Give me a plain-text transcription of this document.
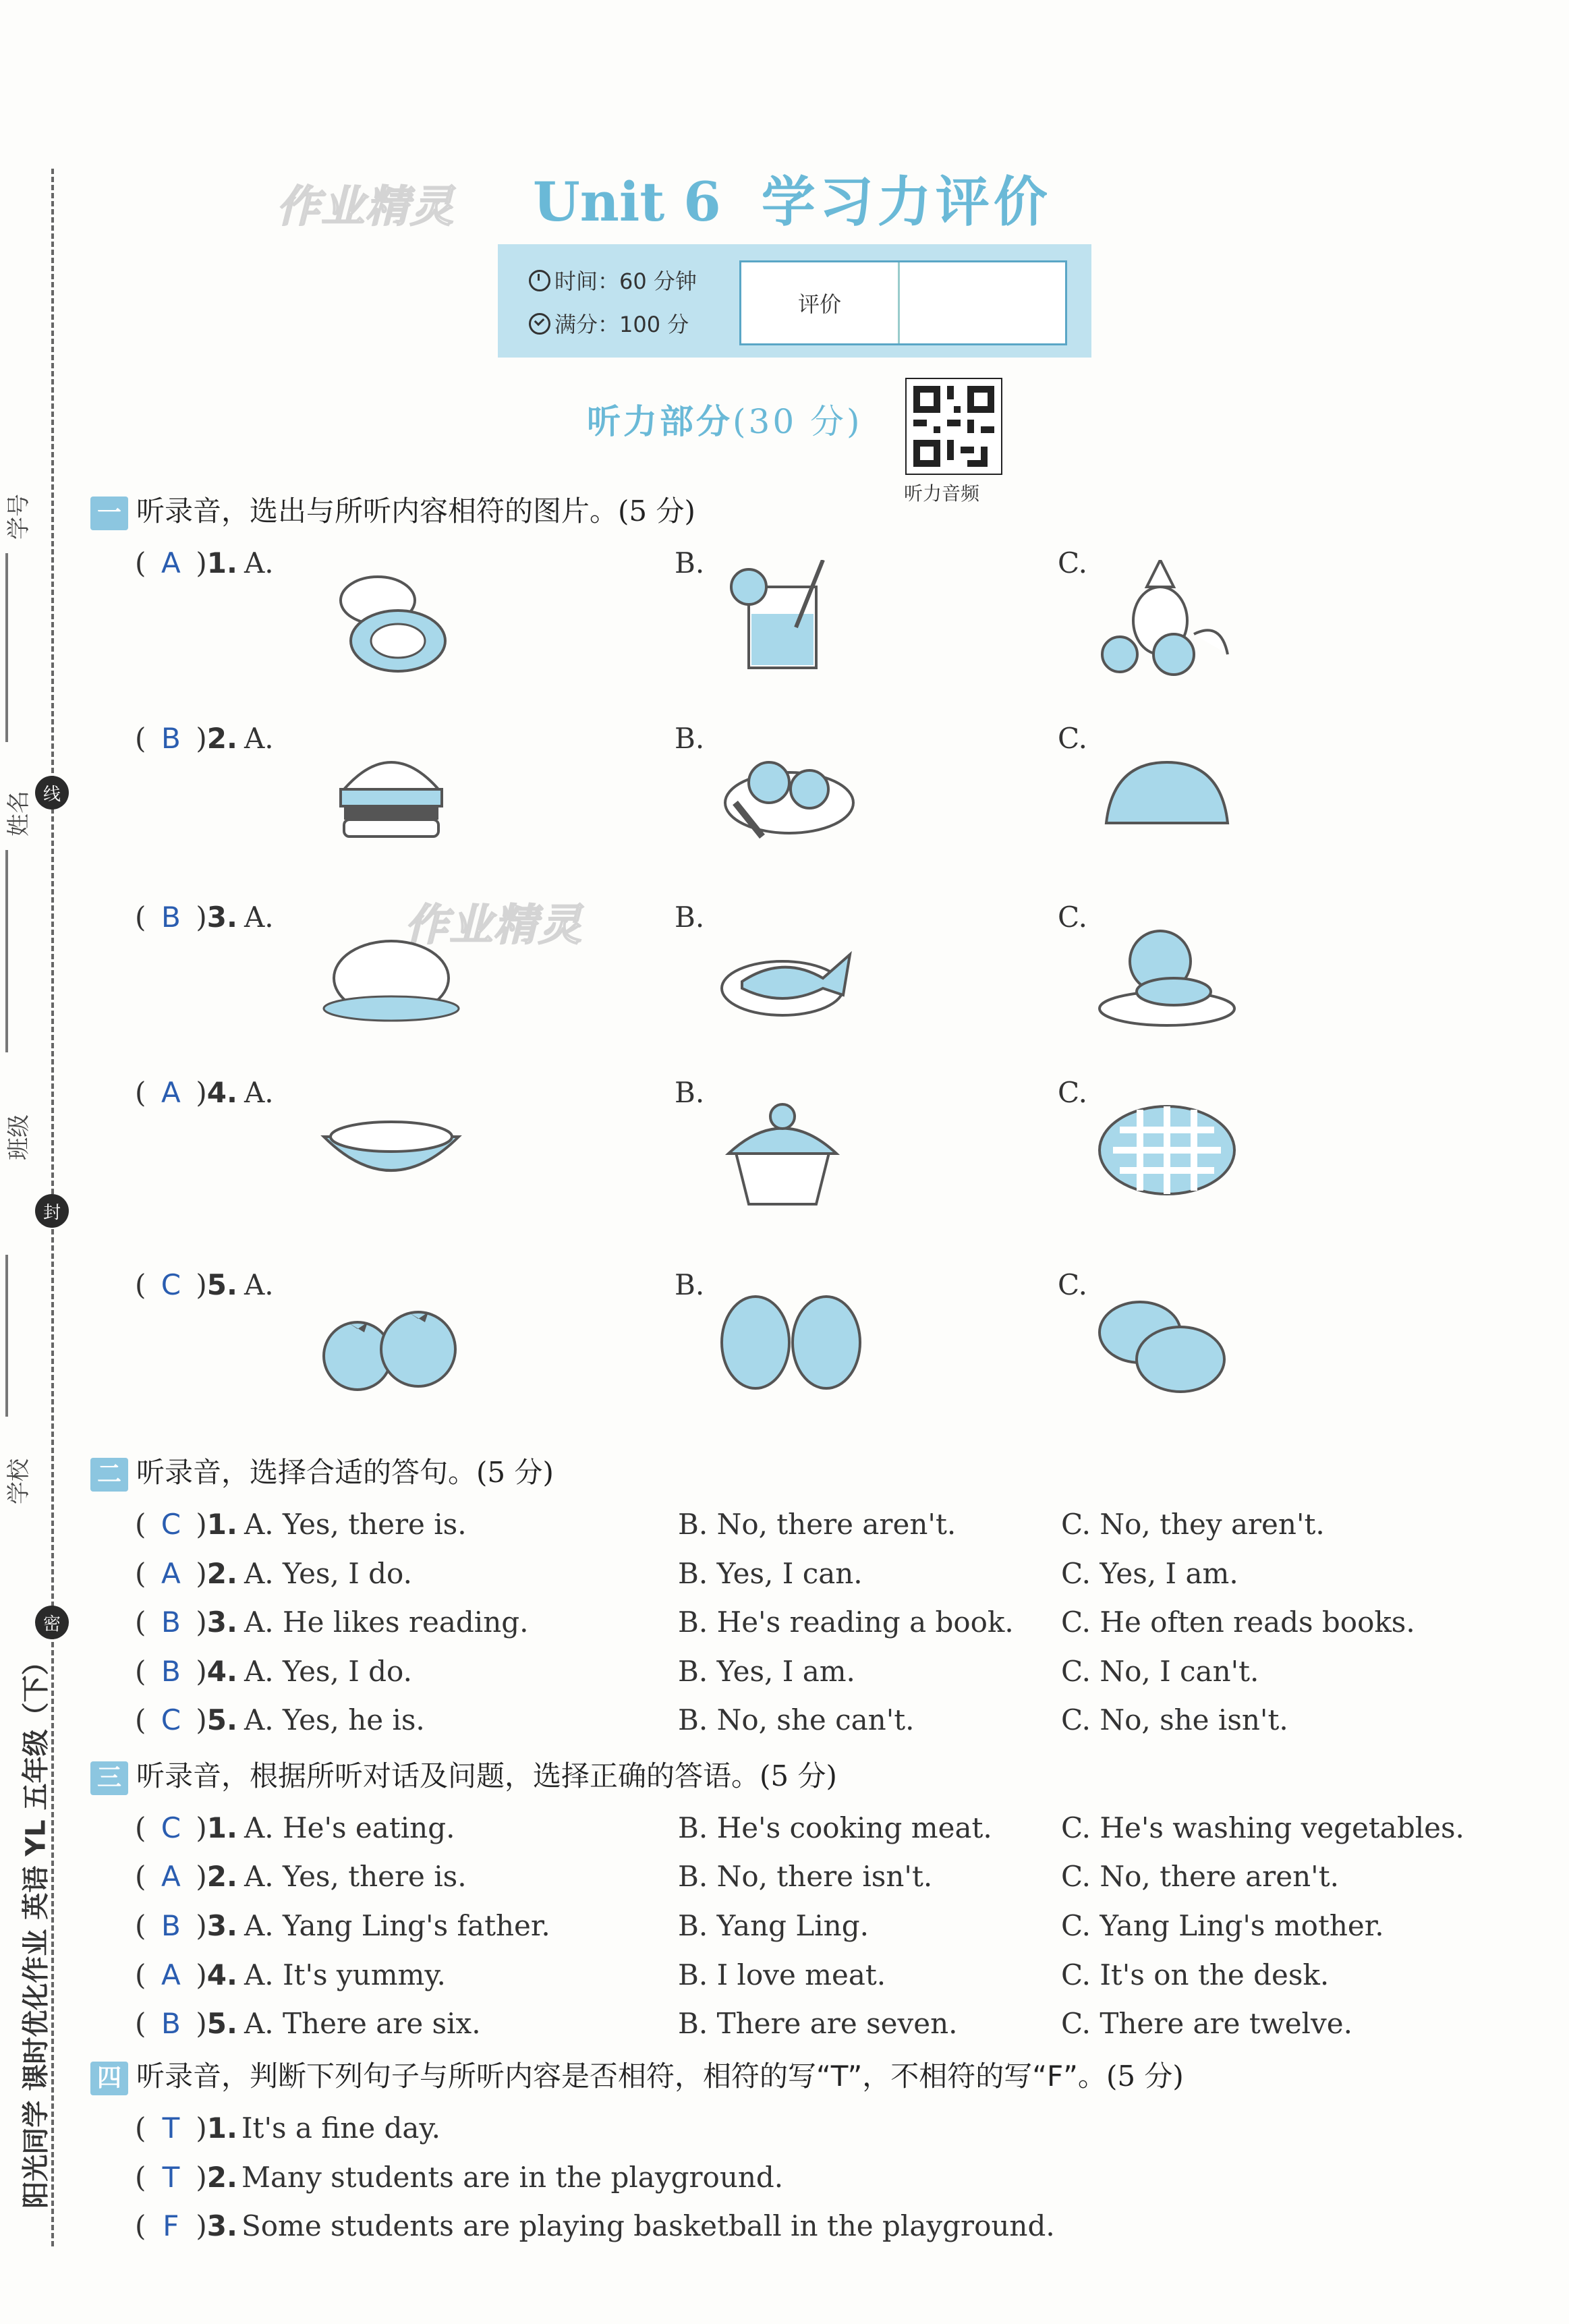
学号
姓名 线
班级
封
学校
密
阳光同学 课时优化作业 英语 YL 五年级（下）
作业精灵
作业精灵
Unit 6 学习力评价
时间：60 分钟
满分：100 分
评价
听力部分(30 分)
听力音频
一 听录音，选出与所听内容相符的图片。(5 分)
( A )1. A.	B.	C.
( B )2. A.	B.	C.
( B )3. A.	B.	C.
( A )4. A.	B.	C.
( C )5. A.	B.	C.
二 听录音，选择合适的答句。(5 分)
( C )1. A. Yes, there is.	B. No, there aren't.	C. No, they aren't.
( A )2. A. Yes, I do.	B. Yes, I can.	C. Yes, I am.
( B )3. A. He likes reading.	B. He's reading a book. C. He often reads books.
( B )4. A. Yes, I do.	B. Yes, I am.	C. No, I can't.
( C )5. A. Yes, he is.	B. No, she can't.	C. No, she isn't.
三 听录音，根据所听对话及问题，选择正确的答语。(5 分)
( C )1. A. He's eating.	B. He's cooking meat. C. He's washing vegetables.
( A )2. A. Yes, there is.	B. No, there isn't.	C. No, there aren't.
( B )3. A. Yang Ling's father.	B. Yang Ling.	C. Yang Ling's mother.
( A )4. A. It's yummy.	B. I love meat.	C. It's on the desk.
( B )5. A. There are six.	B. There are seven.	C. There are twelve.
四 听录音，判断下列句子与所听内容是否相符，相符的写“T”，不相符的写“F”。(5 分)
( T )1. It's a fine day.
( T )2. Many students are in the playground.
( F )3. Some students are playing basketball in the playground.
